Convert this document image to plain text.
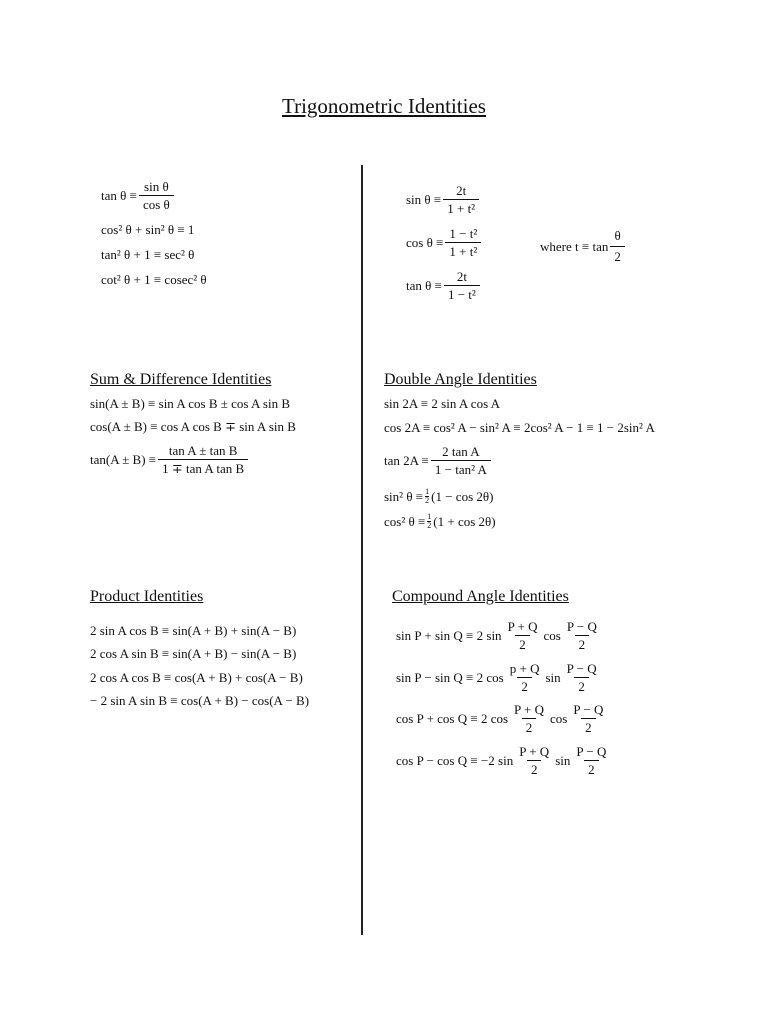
Trigonometric Identities
$\tan \theta \equiv \frac{\text{sin θ}}{\text{cos θ}}$
cos² θ + sin² θ ≡ 1
tan² θ + 1 ≡ sec² θ
cot² θ + 1 ≡ cosec² θ
$\sin \theta \equiv \frac{2t}{\text{1 + t²}}$
$\cos \theta \equiv \frac{\text{1 − t²}}{\text{1 + t²}}$
$\tan \theta \equiv \frac{2t}{\text{1 − t²}}$
where $t \equiv \tan \frac{\theta}{2}$
Sum & Difference Identities
sin(A ± B) ≡ sin A cos B ± cos A sin B
cos(A ± B) ≡ cos A cos B ∓ sin A sin B
$\tan(A \pm B) \equiv \frac{\text{tan A ± tan B}}{\text{1 ∓ tan A tan B}}$
Double Angle Identities
sin 2A ≡ 2 sin A cos A
cos 2A ≡ cos² A − sin² A ≡ 2cos² A − 1 ≡ 1 − 2sin² A
$\tan 2A \equiv \frac{\text{2 tan A}}{\text{1 − tan² A}}$
sin² $\theta \equiv \frac{1}{2} (1 - \cos 2\theta)$
cos² $\theta \equiv \frac{1}{2} (1 + \cos 2\theta)$
Product Identities
2 sin A cos B ≡ sin(A + B) + sin(A − B)
2 cos A sin B ≡ sin(A + B) − sin(A − B)
2 cos A cos B ≡ cos(A + B) + cos(A − B)
− 2 sin A sin B ≡ cos(A + B) − cos(A − B)
Compound Angle Identities
sin P + sin Q ≡ 2 $\sin \frac{P + Q}{2}$ $\cos \frac{P - Q}{2}$
sin P − sin Q ≡ 2 $\cos \frac{p + Q}{2}$ $\sin \frac{P - Q}{2}$
cos P + cos Q ≡ 2 $\cos \frac{P + Q}{2}$ $\cos \frac{P - Q}{2}$
cos P − cos Q ≡ −2 $\sin \frac{P + Q}{2}$ $\sin \frac{P - Q}{2}$
